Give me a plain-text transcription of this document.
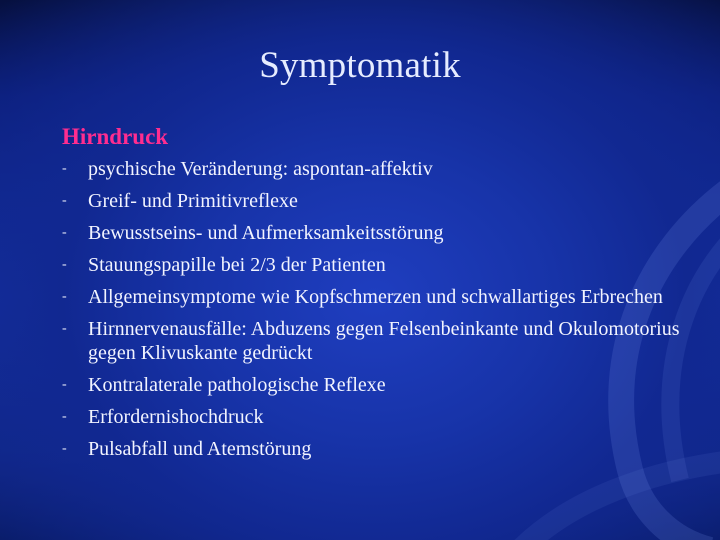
Symptomatik
Hirndruck
- psychische Veränderung: aspontan-affektiv
- Greif- und Primitivreflexe
- Bewusstseins- und Aufmerksamkeitsstörung
- Stauungspapille bei 2/3 der Patienten
- Allgemeinsymptome wie Kopfschmerzen und schwallartiges Erbrechen
- Hirnnervenausfälle: Abduzens gegen Felsenbeinkante und Okulomotorius gegen Klivuskante gedrückt
- Kontralaterale pathologische Reflexe
- Erfordernishochdruck
- Pulsabfall und Atemstörung
